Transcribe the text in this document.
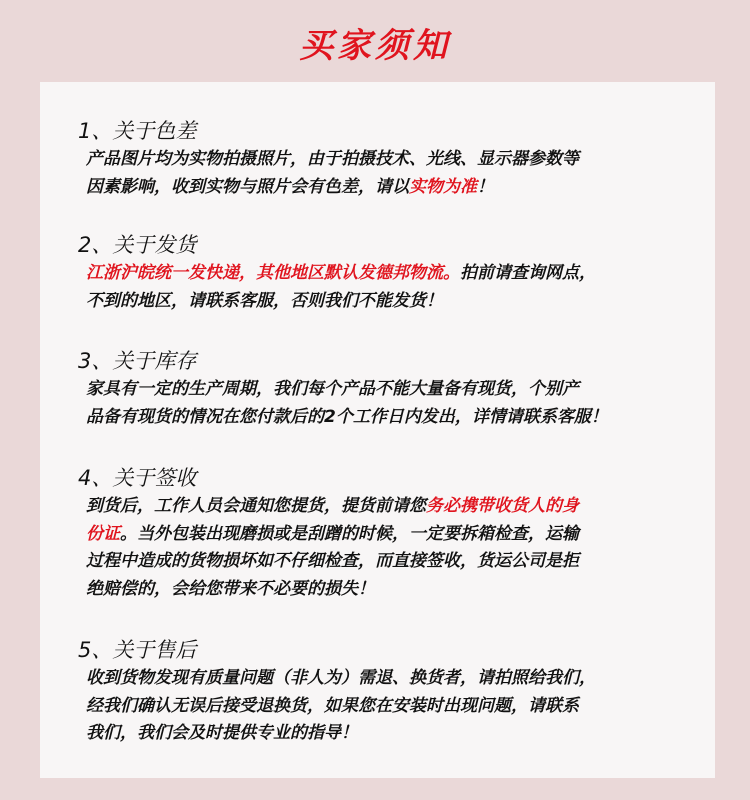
买家须知
1、关于色差
产品图片均为实物拍摄照片，由于拍摄技术、光线、显示器参数等
因素影响，收到实物与照片会有色差，请以实物为准！
2、关于发货
江浙沪皖统一发快递，其他地区默认发德邦物流。拍前请查询网点，
不到的地区，请联系客服，否则我们不能发货！
3、关于库存
家具有一定的生产周期，我们每个产品不能大量备有现货，个别产
品备有现货的情况在您付款后的2个工作日内发出，详情请联系客服！
4、关于签收
到货后，工作人员会通知您提货，提货前请您务必携带收货人的身
份证。当外包装出现磨损或是刮蹭的时候，一定要拆箱检查，运输
过程中造成的货物损坏如不仔细检查，而直接签收，货运公司是拒
绝赔偿的，会给您带来不必要的损失！
5、关于售后
收到货物发现有质量问题（非人为）需退、换货者，请拍照给我们，
经我们确认无误后接受退换货，如果您在安装时出现问题，请联系
我们，我们会及时提供专业的指导！
